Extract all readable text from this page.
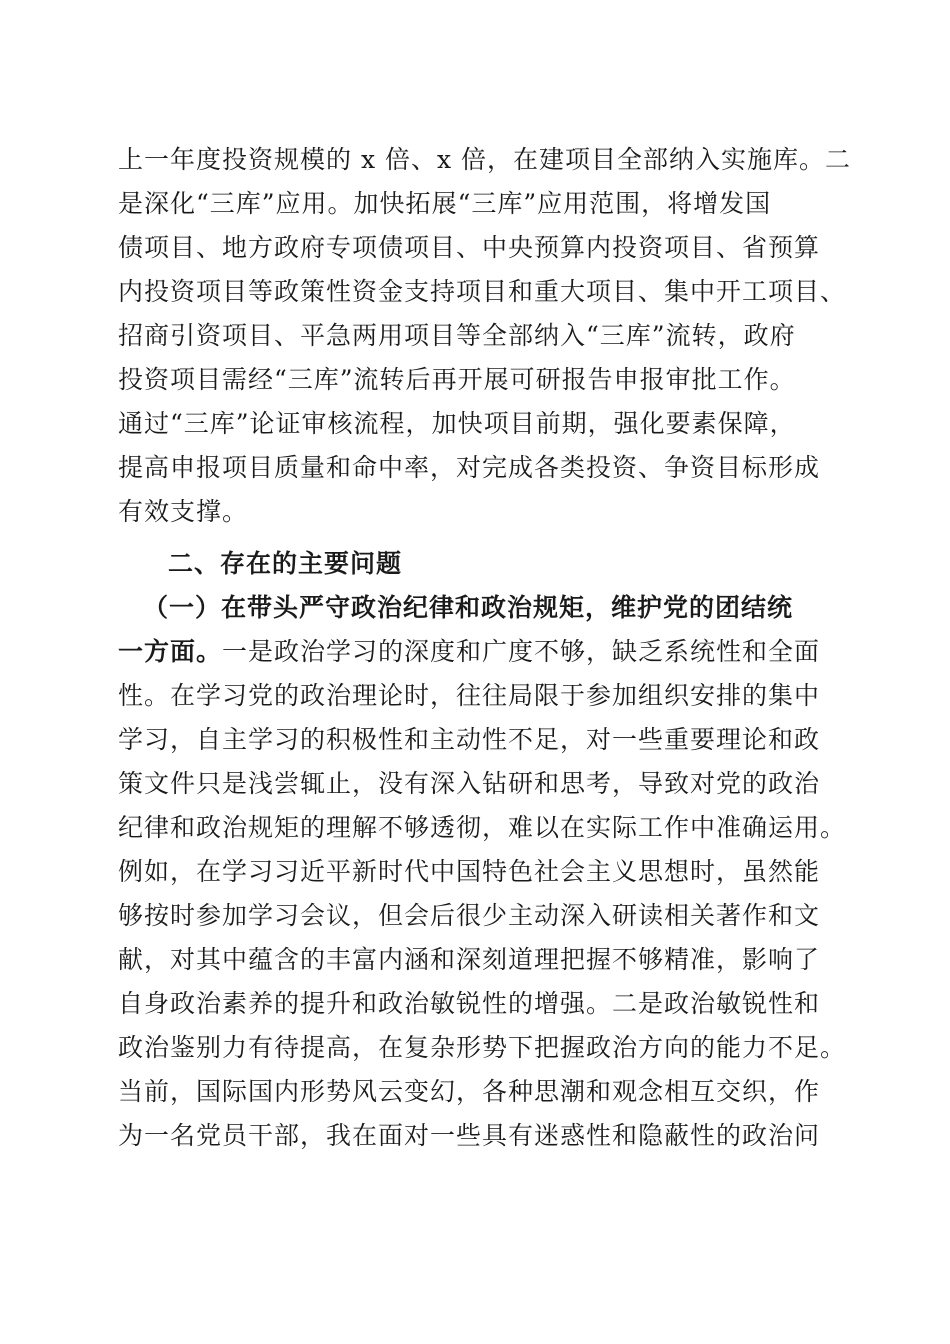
上一年度投资规模的 x 倍、x 倍，在建项目全部纳入实施库。二
是深化“三库”应用。加快拓展“三库”应用范围，将增发国
债项目、地方政府专项债项目、中央预算内投资项目、省预算
内投资项目等政策性资金支持项目和重大项目、集中开工项目、
招商引资项目、平急两用项目等全部纳入“三库”流转，政府
投资项目需经“三库”流转后再开展可研报告申报审批工作。
通过“三库”论证审核流程，加快项目前期，强化要素保障，
提高申报项目质量和命中率，对完成各类投资、争资目标形成
有效支撑。
二、存在的主要问题
（一）在带头严守政治纪律和政治规矩，维护党的团结统
一方面。一是政治学习的深度和广度不够，缺乏系统性和全面
性。在学习党的政治理论时，往往局限于参加组织安排的集中
学习，自主学习的积极性和主动性不足，对一些重要理论和政
策文件只是浅尝辄止，没有深入钻研和思考，导致对党的政治
纪律和政治规矩的理解不够透彻，难以在实际工作中准确运用。
例如，在学习习近平新时代中国特色社会主义思想时，虽然能
够按时参加学习会议，但会后很少主动深入研读相关著作和文
献，对其中蕴含的丰富内涵和深刻道理把握不够精准，影响了
自身政治素养的提升和政治敏锐性的增强。二是政治敏锐性和
政治鉴别力有待提高，在复杂形势下把握政治方向的能力不足。
当前，国际国内形势风云变幻，各种思潮和观念相互交织，作
为一名党员干部，我在面对一些具有迷惑性和隐蔽性的政治问
